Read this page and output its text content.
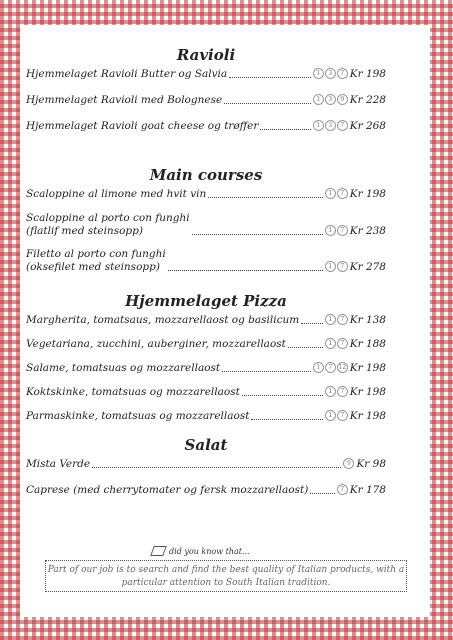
Ravioli
Hjemmelaget Ravioli Butter og Salvia	1	3	7 Kr 198
Hjemmelaget Ravioli med Bolognese	1	3	9 Kr 228
Hjemmelaget Ravioli goat cheese og trøffer	1	3	7 Kr 268
Main courses
Scaloppine al limone med hvit vin	1	7 Kr 198
Scaloppine al porto con funghi
(flatlif med steinsopp)	1	7 Kr 238
Filetto al porto con funghi
(oksefilet med steinsopp)	1	7 Kr 278
Hjemmelaget Pizza
Margherita, tomatsaus, mozzarellaost og basilicum	1	7 Kr 138
Vegetariana, zucchini, auberginer, mozzarellaost	1	7 Kr 188
Salame, tomatsuas og mozzarellaost	1	7	12 Kr 198
Koktskinke, tomatsuas og mozzarellaost	1	7 Kr 198
Parmaskinke, tomatsuas og mozzarellaost	1	7 Kr 198
Salat
Mista Verde	9 Kr 98
Caprese (med cherrytomater og fersk mozzarellaost)	7 Kr 178
did you know that...
Part of our job is to search and find the best quality of Italian products, with a particular attention to South Italian tradition.
